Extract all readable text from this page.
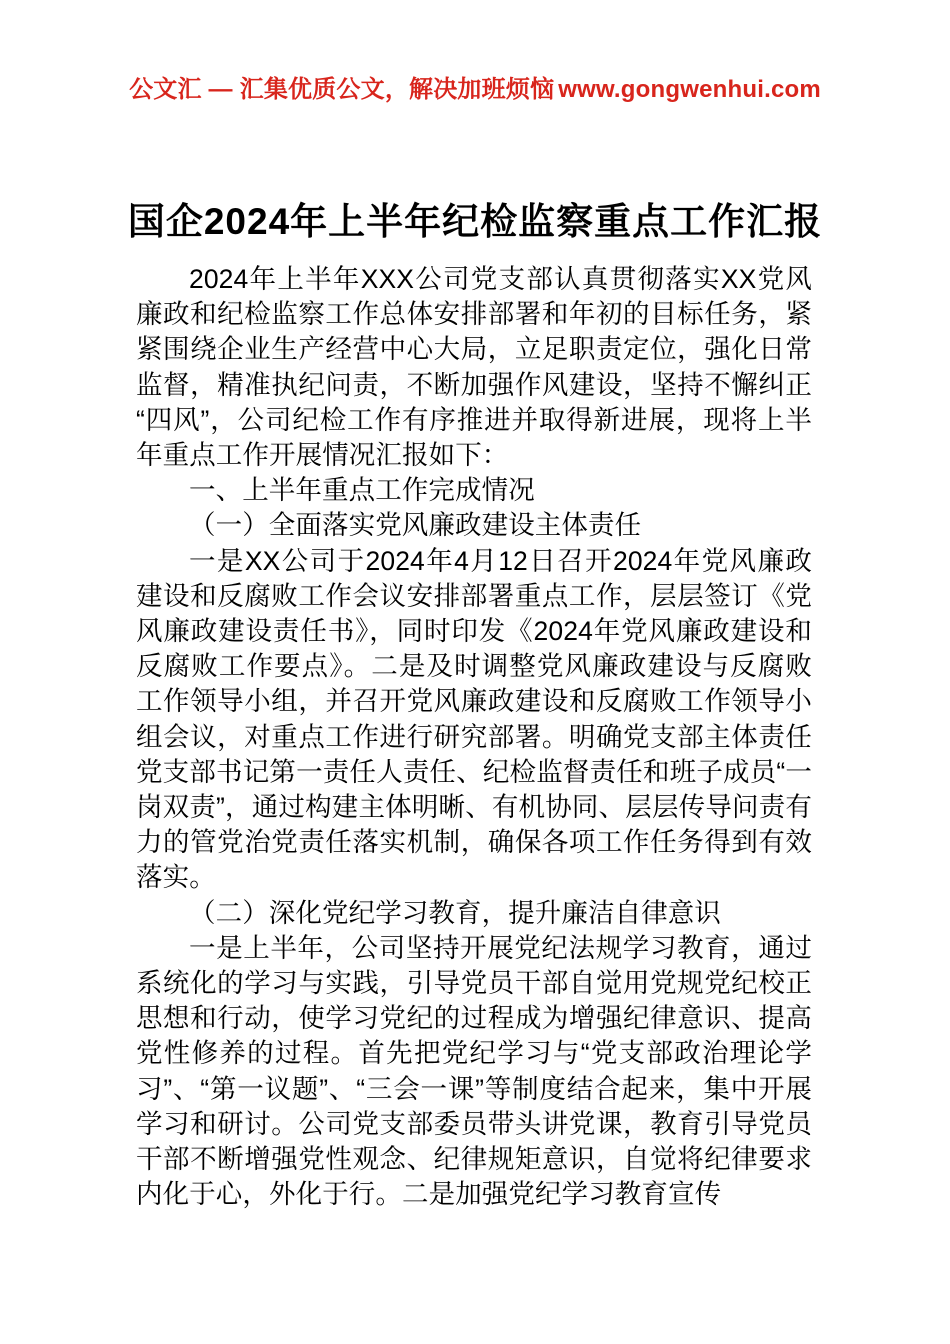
公文汇 — 汇集优质公文，解决加班烦恼 www.gongwenhui.com
国企2024年上半年纪检监察重点工作汇报

2024年上半年XXX公司党支部认真贯彻落实XX党风廉政和纪检监察工作总体安排部署和年初的目标任务，紧紧围绕企业生产经营中心大局，立足职责定位，强化日常监督，精准执纪问责，不断加强作风建设，坚持不懈纠正“四风”，公司纪检工作有序推进并取得新进展，现将上半年重点工作开展情况汇报如下：

一、上半年重点工作完成情况

（一）全面落实党风廉政建设主体责任

一是XX公司于2024年4月12日召开2024年党风廉政建设和反腐败工作会议安排部署重点工作，层层签订《党风廉政建设责任书》，同时印发《2024年党风廉政建设和反腐败工作要点》。二是及时调整党风廉政建设与反腐败工作领导小组，并召开党风廉政建设和反腐败工作领导小组会议，对重点工作进行研究部署。明确党支部主体责任党支部书记第一责任人责任、纪检监督责任和班子成员“一岗双责”，通过构建主体明晰、有机协同、层层传导问责有力的管党治党责任落实机制，确保各项工作任务得到有效落实。

（二）深化党纪学习教育，提升廉洁自律意识

一是上半年，公司坚持开展党纪法规学习教育，通过系统化的学习与实践，引导党员干部自觉用党规党纪校正思想和行动，使学习党纪的过程成为增强纪律意识、提高党性修养的过程。首先把党纪学习与“党支部政治理论学习”、“第一议题”、“三会一课”等制度结合起来，集中开展学习和研讨。公司党支部委员带头讲党课，教育引导党员干部不断增强党性观念、纪律规矩意识，自觉将纪律要求内化于心，外化于行。二是加强党纪学习教育宣传
